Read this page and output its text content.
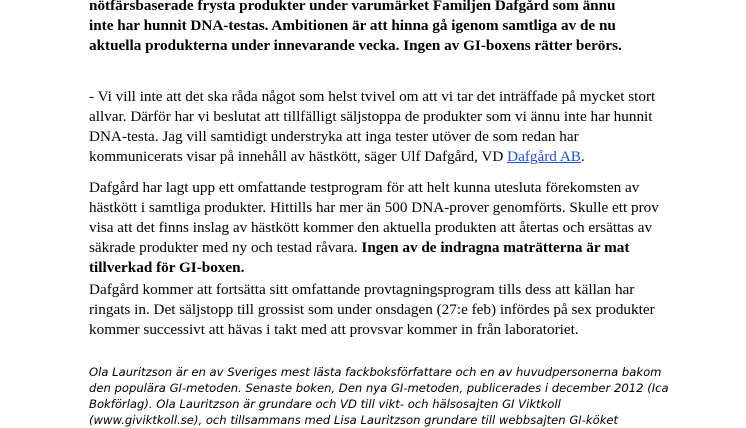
nötfärsbaserade frysta produkter under varumärket Familjen Dafgård som ännu
inte har hunnit DNA-testas. Ambitionen är att hinna gå igenom samtliga av de nu
aktuella produkterna under innevarande vecka. Ingen av GI-boxens rätter berörs.
- Vi vill inte att det ska råda något som helst tvivel om att vi tar det inträffade på mycket stort
allvar. Därför har vi beslutat att tillfälligt säljstoppa de produkter som vi ännu inte har hunnit
DNA-testa. Jag vill samtidigt understryka att inga tester utöver de som redan har
kommunicerats visar på innehåll av hästkött, säger Ulf Dafgård, VD Dafgård AB.
Dafgård har lagt upp ett omfattande testprogram för att helt kunna utesluta förekomsten av
hästkött i samtliga produkter. Hittills har mer än 500 DNA-prover genomförts. Skulle ett prov
visa att det finns inslag av hästkött kommer den aktuella produkten att återtas och ersättas av
säkrade produkter med ny och testad råvara. Ingen av de indragna maträtterna är mat
tillverkad för GI-boxen.
Dafgård kommer att fortsätta sitt omfattande provtagningsprogram tills dess att källan har
ringats in. Det säljstopp till grossist som under onsdagen (27:e feb) infördes på sex produkter
kommer successivt att hävas i takt med att provsvar kommer in från laboratoriet.
Ola Lauritzson är en av Sveriges mest lästa fackboksförfattare och en av huvudpersonerna bakom
den populära GI-metoden. Senaste boken, Den nya GI-metoden, publicerades i december 2012 (Ica
Bokförlag). Ola Lauritzson är grundare och VD till vikt- och hälsosajten GI Viktkoll
(www.giviktkoll.se), och tillsammans med Lisa Lauritzson grundare till webbsajten GI-köket
